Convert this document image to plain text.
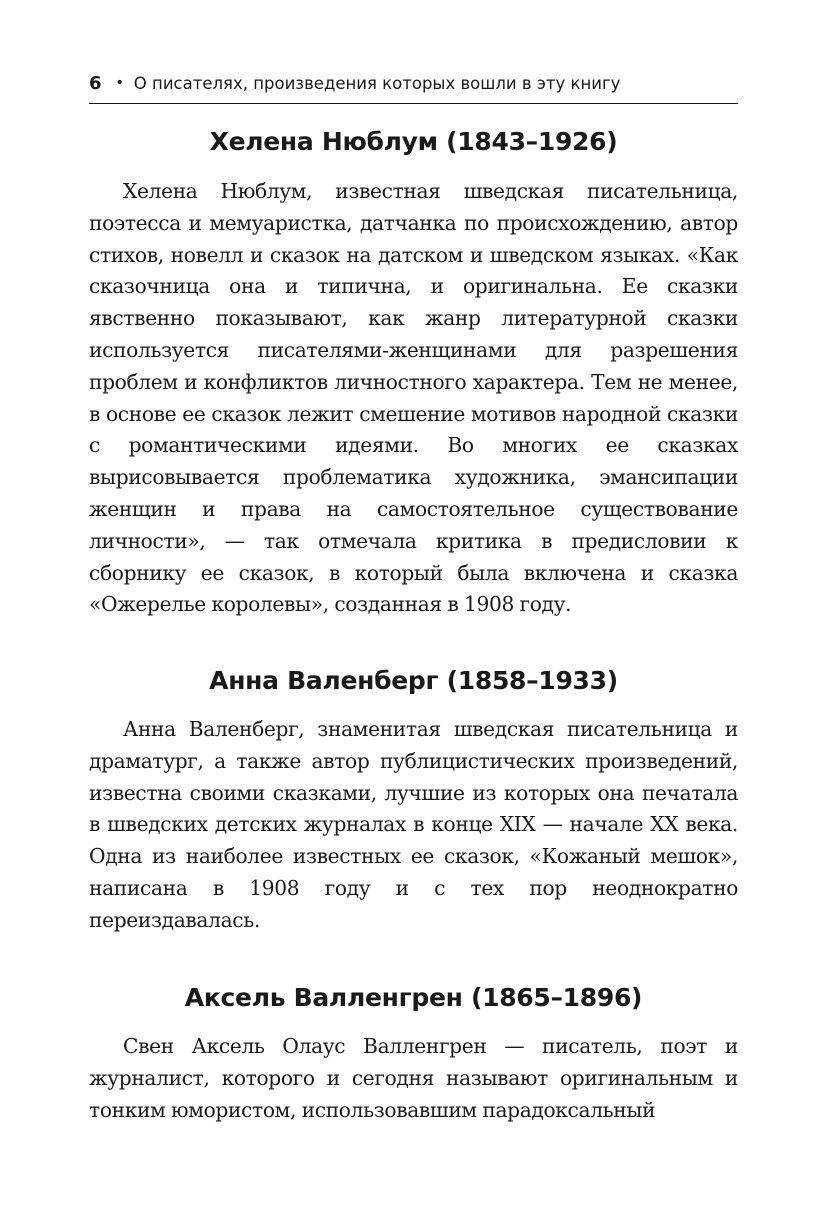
6 • О писателях, произведения которых вошли в эту книгу
Хелена Нюблум (1843–1926)

Хелена Нюблум, известная шведская писательница, поэтесса и мемуаристка, датчанка по происхождению, автор стихов, новелл и сказок на датском и шведском языках. «Как сказочница она и типична, и оригинальна. Ее сказки явственно показывают, как жанр литературной сказки используется писателями-женщинами для разрешения проблем и конфликтов личностного характера. Тем не менее, в основе ее сказок лежит смешение мотивов народной сказки с романтическими идеями. Во многих ее сказках вырисовывается проблематика художника, эмансипации женщин и права на самостоятельное существование личности», — так отмечала критика в предисловии к сборнику ее сказок, в который была включена и сказка «Ожерелье королевы», созданная в 1908 году.

Анна Валенберг (1858–1933)

Анна Валенберг, знаменитая шведская писательница и драматург, а также автор публицистических произведений, известна своими сказками, лучшие из которых она печатала в шведских детских журналах в конце XIX — начале XX века. Одна из наиболее известных ее сказок, «Кожаный мешок», написана в 1908 году и с тех пор неоднократно переиздавалась.

Аксель Валленгрен (1865–1896)

Свен Аксель Олаус Валленгрен — писатель, поэт и журналист, которого и сегодня называют оригинальным и тонким юмористом, использовавшим парадоксальный
